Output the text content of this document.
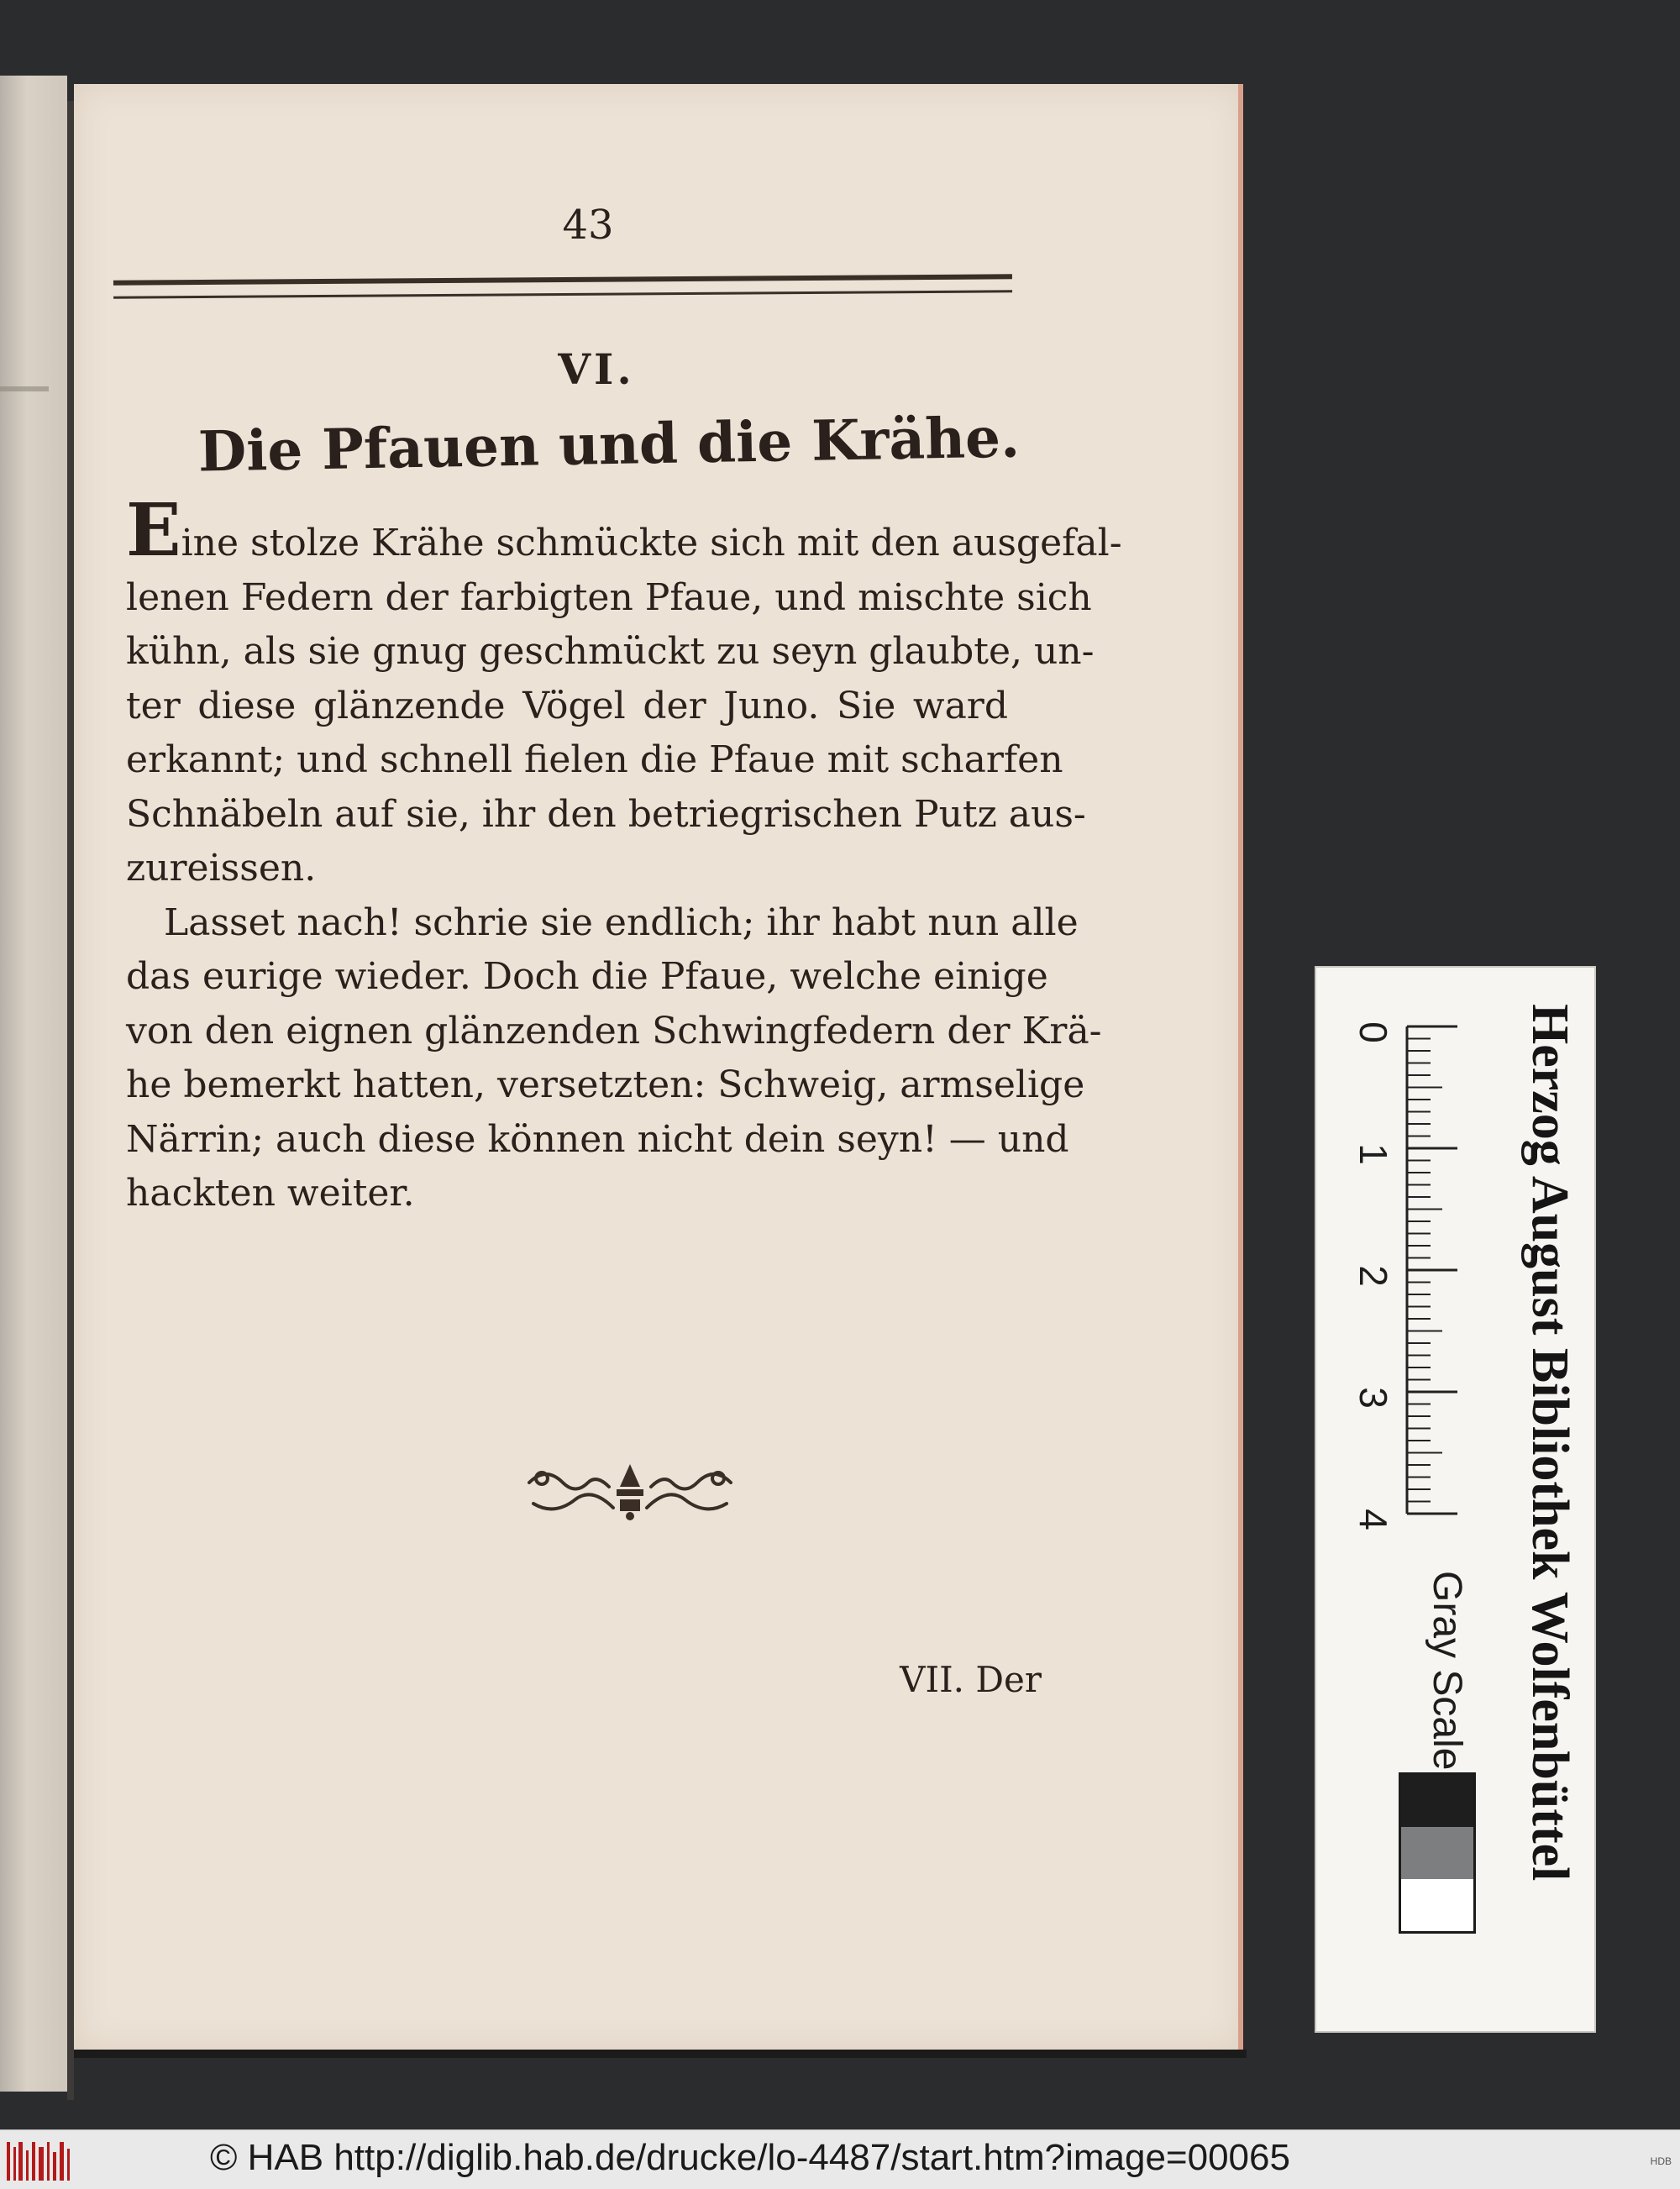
43
VI.
Die Pfauen und die Krähe.
Eine stolze Krähe schmückte sich mit den ausgefal-
lenen Federn der farbigten Pfaue, und mischte sich
kühn, als sie gnug geschmückt zu seyn glaubte, un-
ter diese glänzende Vögel der Juno. Sie ward
erkannt; und schnell fielen die Pfaue mit scharfen
Schnäbeln auf sie, ihr den betriegrischen Putz aus-
zureissen.
Lasset nach! schrie sie endlich; ihr habt nun alle
das eurige wieder. Doch die Pfaue, welche einige
von den eignen glänzenden Schwingfedern der Krä-
he bemerkt hatten, versetzten: Schweig, armselige
Närrin; auch diese können nicht dein seyn! — und
hackten weiter.
VII. Der
0
1
2
3
4 Herzog August Bibliothek Wolfenbüttel
Gray Scale
© HAB http://diglib.hab.de/drucke/lo-4487/start.htm?image=00065	HDB
